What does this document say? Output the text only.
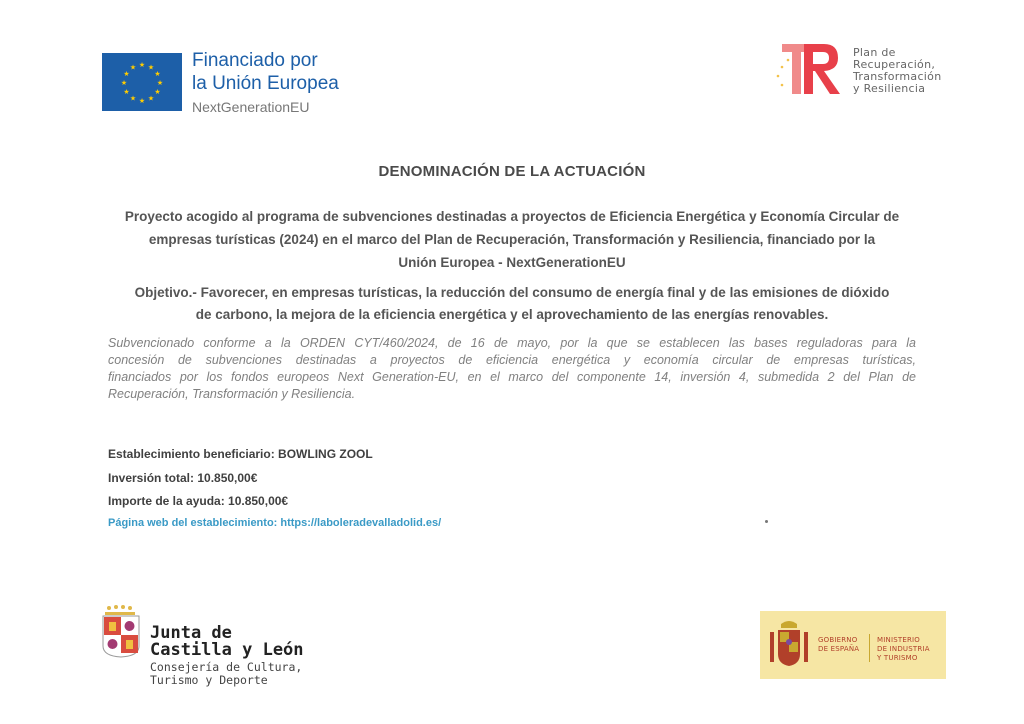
★ ★
★
★
★
★
★
★
★
★
★
★	Financiado por
la Unión Europea
NextGenerationEU
Plan de
Recuperación,
Transformación
y Resiliencia
DENOMINACIÓN DE LA ACTUACIÓN
Proyecto acogido al programa de subvenciones destinadas a proyectos de Eficiencia Energética y Economía Circular de
empresas turísticas (2024) en el marco del Plan de Recuperación, Transformación y Resiliencia, financiado por la
Unión Europea - NextGenerationEU
Objetivo.- Favorecer, en empresas turísticas, la reducción del consumo de energía final y de las emisiones de dióxido
de carbono, la mejora de la eficiencia energética y el aprovechamiento de las energías renovables.
Subvencionado conforme a la ORDEN CYT/460/2024, de 16 de mayo, por la que se establecen las bases reguladoras para la
concesión de subvenciones destinadas a proyectos de eficiencia energética y economía circular de empresas turísticas,
financiados por los fondos europeos Next Generation-EU, en el marco del componente 14, inversión 4, submedida 2 del Plan de
Recuperación, Transformación y Resiliencia.
Establecimiento beneficiario: BOWLING ZOOL
Inversión total: 10.850,00€
Importe de la ayuda: 10.850,00€
Página web del establecimiento: https://laboleradevalladolid.es/
Junta de
Castilla y León
Consejería de Cultura,
Turismo y Deporte
GOBIERNO
DE ESPAÑA
MINISTERIO
DE INDUSTRIA
Y TURISMO
